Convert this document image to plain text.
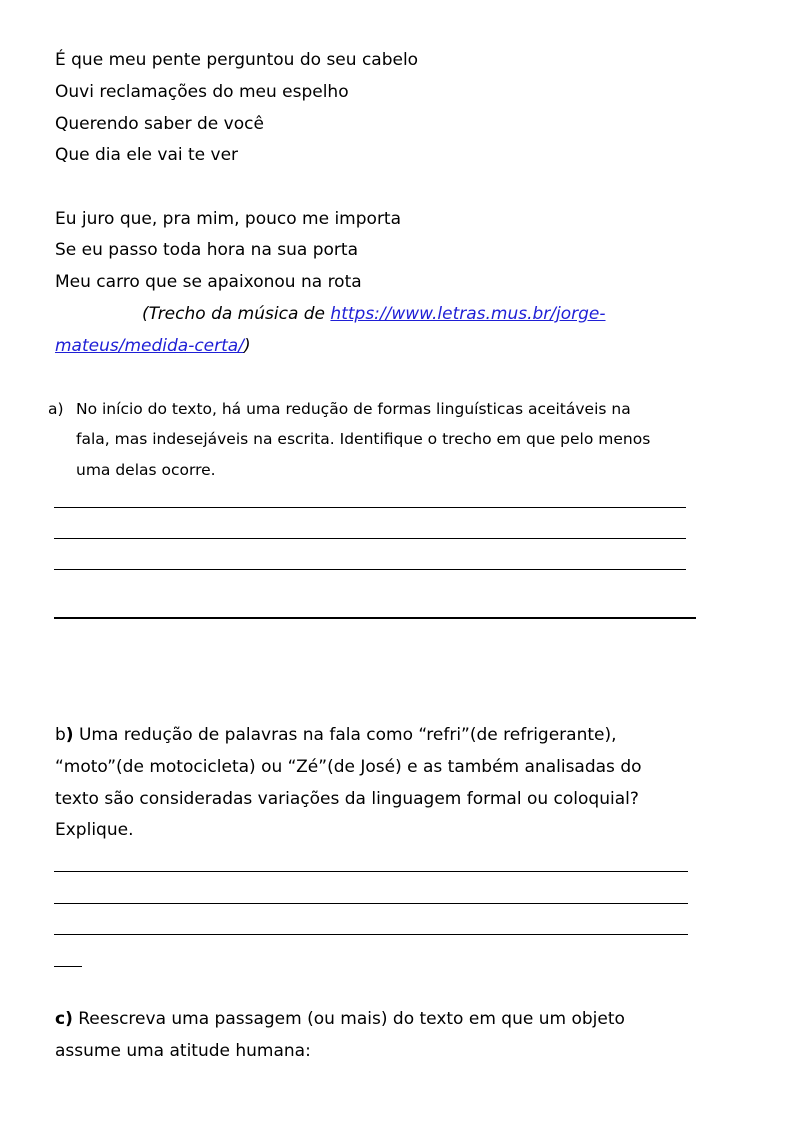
É que meu pente perguntou do seu cabelo
Ouvi reclamações do meu espelho
Querendo saber de você
Que dia ele vai te ver
Eu juro que, pra mim, pouco me importa
Se eu passo toda hora na sua porta
Meu carro que se apaixonou na rota
(Trecho da música de https://www.letras.mus.br/jorge-
mateus/medida-certa/)
a) No início do texto, há uma redução de formas linguísticas aceitáveis na
fala, mas indesejáveis na escrita. Identifique o trecho em que pelo menos
uma delas ocorre.
b) Uma redução de palavras na fala como “refri”(de refrigerante),
“moto”(de motocicleta) ou “Zé”(de José) e as também analisadas do
texto são consideradas variações da linguagem formal ou coloquial?
Explique.
c) Reescreva uma passagem (ou mais) do texto em que um objeto
assume uma atitude humana:
